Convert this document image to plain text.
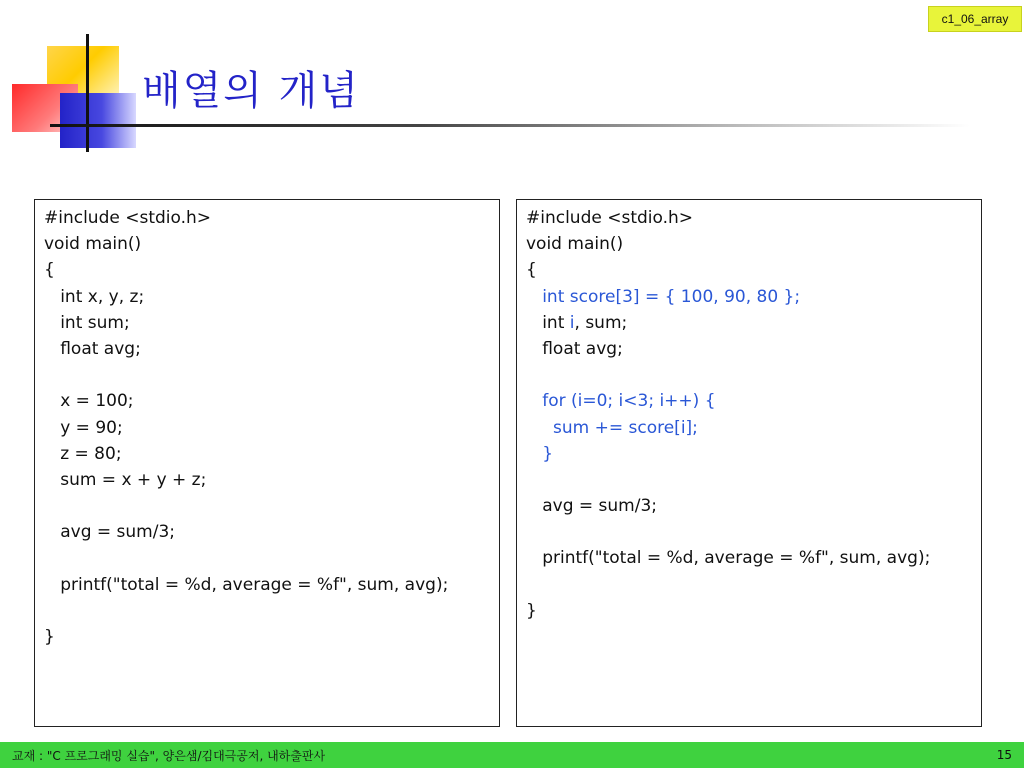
c1_06_array
배열의 개념
#include <stdio.h>
void main()
{
int x, y, z;
int sum;
float avg;
x = 100;
y = 90;
z = 80;
sum = x + y + z;
avg = sum/3;
printf("total = %d, average = %f", sum, avg);
}
#include <stdio.h>
void main()
{
int score[3] = { 100, 90, 80 };
int i, sum;
float avg;
for (i=0; i<3; i++) {
sum += score[i];
}
avg = sum/3;
printf("total = %d, average = %f", sum, avg);
}
교재 : "C 프로그래밍 실습", 양은샘/김대극공저, 내하출판사	15
